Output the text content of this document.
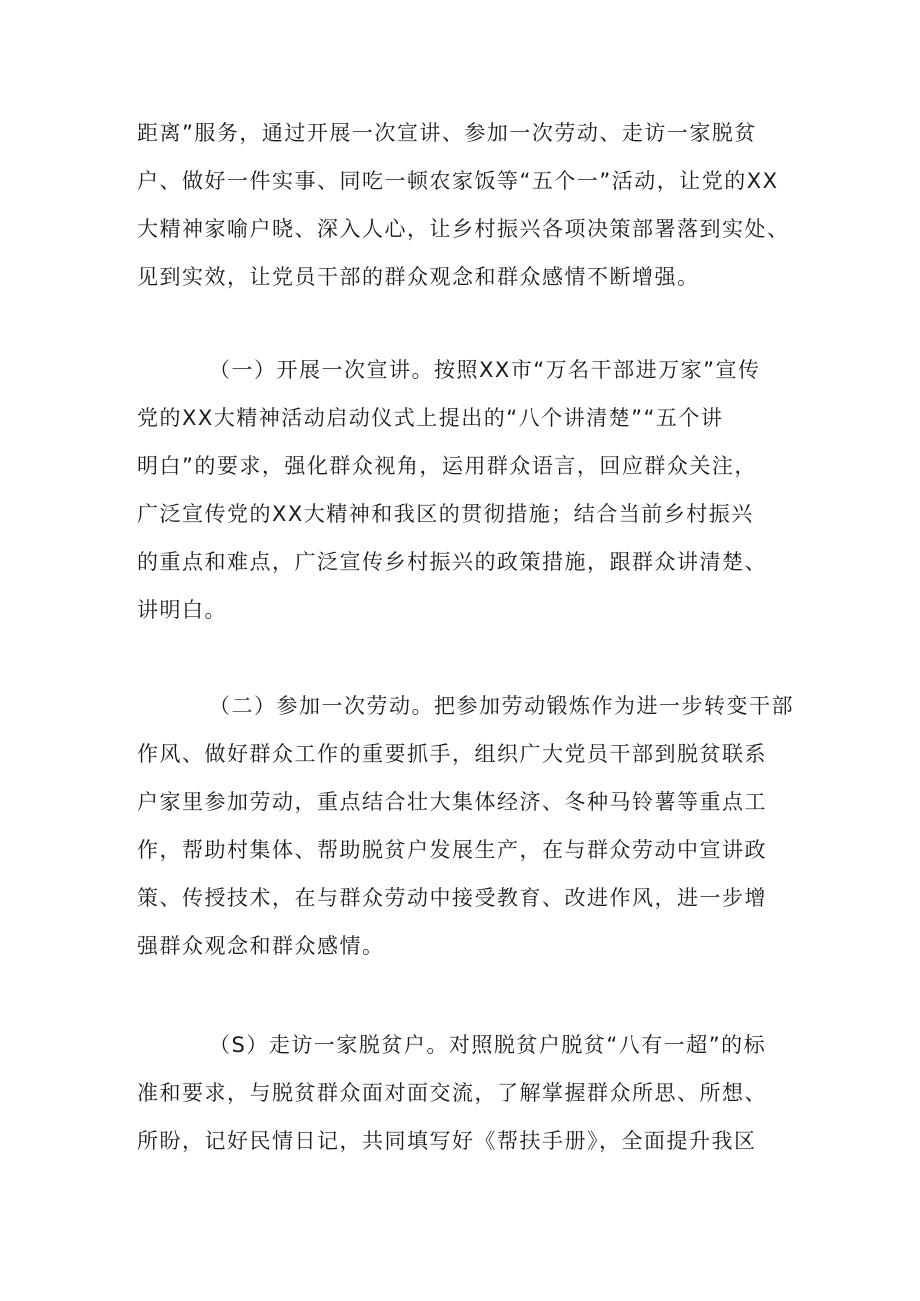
距离”服务，通过开展一次宣讲、参加一次劳动、走访一家脱贫
户、做好一件实事、同吃一顿农家饭等“五个一”活动，让党的XX
大精神家喻户晓、深入人心，让乡村振兴各项决策部署落到实处、
见到实效，让党员干部的群众观念和群众感情不断增强。
（一）开展一次宣讲。按照XX市“万名干部进万家”宣传
党的XX大精神活动启动仪式上提出的“八个讲清楚”“五个讲
明白”的要求，强化群众视角，运用群众语言，回应群众关注，
广泛宣传党的XX大精神和我区的贯彻措施；结合当前乡村振兴
的重点和难点，广泛宣传乡村振兴的政策措施，跟群众讲清楚、
讲明白。
（二）参加一次劳动。把参加劳动锻炼作为进一步转变干部
作风、做好群众工作的重要抓手，组织广大党员干部到脱贫联系
户家里参加劳动，重点结合壮大集体经济、冬种马铃薯等重点工
作，帮助村集体、帮助脱贫户发展生产，在与群众劳动中宣讲政
策、传授技术，在与群众劳动中接受教育、改进作风，进一步增
强群众观念和群众感情。
（S）走访一家脱贫户。对照脱贫户脱贫“八有一超”的标
准和要求，与脱贫群众面对面交流，了解掌握群众所思、所想、
所盼，记好民情日记，共同填写好《帮扶手册》，全面提升我区
